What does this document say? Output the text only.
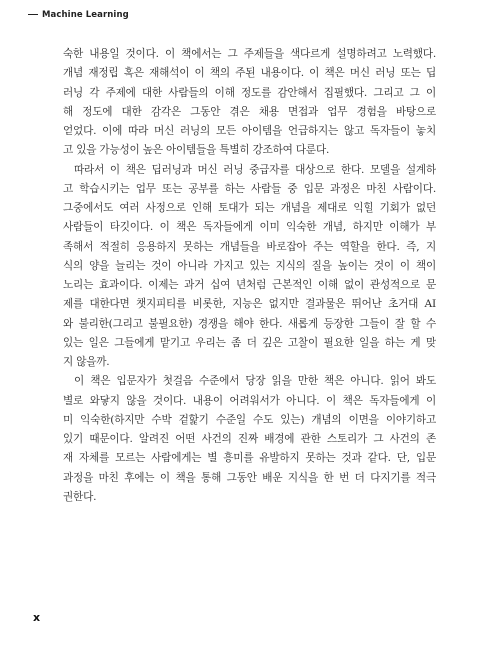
Machine Learning
숙한 내용일 것이다. 이 책에서는 그 주제들을 색다르게 설명하려고 노력했다.
개념 재정립 혹은 재해석이 이 책의 주된 내용이다. 이 책은 머신 러닝 또는 딥
러닝 각 주제에 대한 사람들의 이해 정도를 감안해서 집필했다. 그리고 그 이
해 정도에 대한 감각은 그동안 겪은 채용 면접과 업무 경험을 바탕으로
얻었다. 이에 따라 머신 러닝의 모든 아이템을 언급하지는 않고 독자들이 놓치
고 있을 가능성이 높은 아이템들을 특별히 강조하여 다룬다.
따라서 이 책은 딥러닝과 머신 러닝 중급자를 대상으로 한다. 모델을 설계하
고 학습시키는 업무 또는 공부를 하는 사람들 중 입문 과정은 마친 사람이다.
그중에서도 여러 사정으로 인해 토대가 되는 개념을 제대로 익힐 기회가 없던
사람들이 타깃이다. 이 책은 독자들에게 이미 익숙한 개념, 하지만 이해가 부
족해서 적절히 응용하지 못하는 개념들을 바로잡아 주는 역할을 한다. 즉, 지
식의 양을 늘리는 것이 아니라 가지고 있는 지식의 질을 높이는 것이 이 책이
노리는 효과이다. 이제는 과거 십여 년처럼 근본적인 이해 없이 관성적으로 문
제를 대한다면 챗지피티를 비롯한, 지능은 없지만 결과물은 뛰어난 초거대 AI
와 불리한(그리고 불필요한) 경쟁을 해야 한다. 새롭게 등장한 그들이 잘 할 수
있는 일은 그들에게 맡기고 우리는 좀 더 깊은 고찰이 필요한 일을 하는 게 맞
지 않을까.
이 책은 입문자가 첫걸음 수준에서 당장 읽을 만한 책은 아니다. 읽어 봐도
별로 와닿지 않을 것이다. 내용이 어려워서가 아니다. 이 책은 독자들에게 이
미 익숙한(하지만 수박 겉핥기 수준일 수도 있는) 개념의 이면을 이야기하고
있기 때문이다. 알려진 어떤 사건의 진짜 배경에 관한 스토리가 그 사건의 존
재 자체를 모르는 사람에게는 별 흥미를 유발하지 못하는 것과 같다. 단, 입문
과정을 마친 후에는 이 책을 통해 그동안 배운 지식을 한 번 더 다지기를 적극
권한다.
x
